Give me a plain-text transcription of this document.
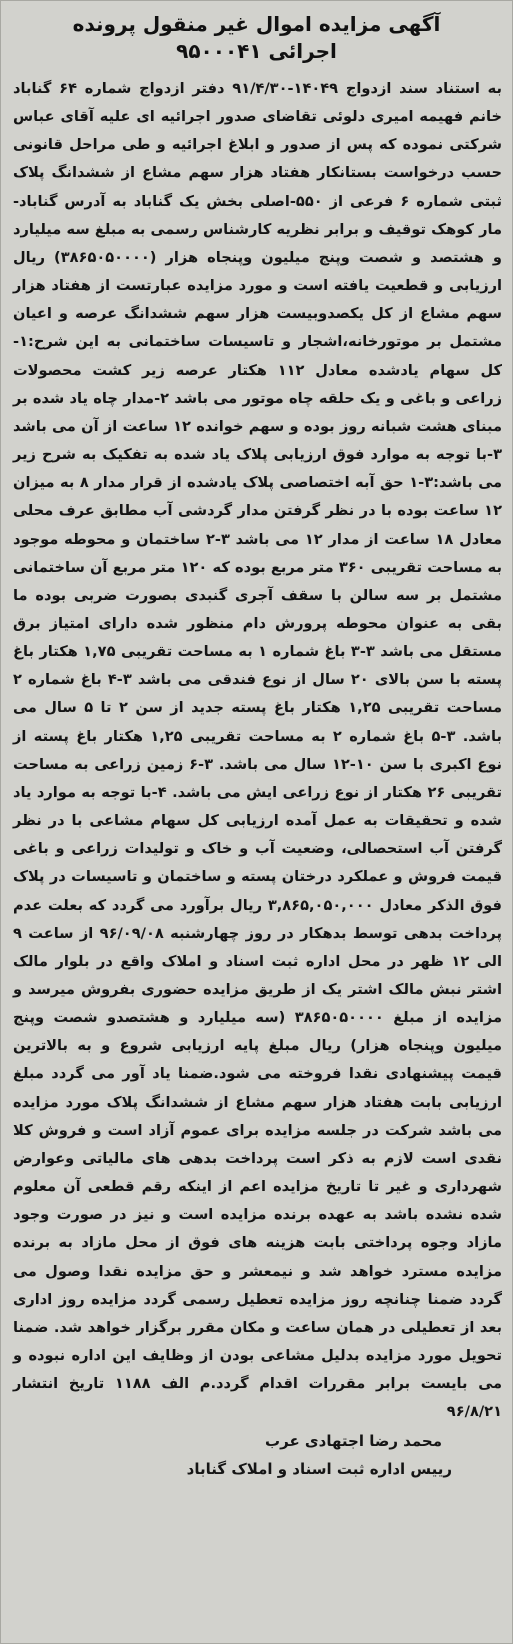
آگهی مزایده اموال غیر منقول پرونده
اجرائی ۹۵۰۰۰۴۱

به استناد سند ازدواج ۱۴۰۴۹-۹۱/۴/۳۰ دفتر ازدواج شماره ۶۴ گناباد خانم فهیمه امیری دلوئی تقاضای صدور اجرائیه ای علیه آقای عباس شرکتی نموده که پس از صدور و ابلاغ اجرائیه و طی مراحل قانونی حسب درخواست بستانکار هفتاد هزار سهم مشاع از ششدانگ پلاک ثبتی شماره ۶ فرعی از ۵۵۰-اصلی بخش یک گناباد به آدرس گناباد-مار کوهک توقیف و برابر نظریه کارشناس رسمی به مبلغ سه میلیارد و هشتصد و شصت وپنج میلیون وپنجاه هزار (۳۸۶۵۰۵۰۰۰۰) ریال ارزیابی و قطعیت یافته است و مورد مزایده عبارتست از هفتاد هزار سهم مشاع از کل یکصدوبیست هزار سهم ششدانگ عرصه و اعیان مشتمل بر موتورخانه،اشجار و تاسیسات ساختمانی به این شرح:۱-کل سهام یادشده معادل ۱۱۲ هکتار عرصه زیر کشت محصولات زراعی و باغی و یک حلقه چاه موتور می باشد ۲-مدار چاه یاد شده بر مبنای هشت شبانه روز بوده و سهم خوانده ۱۲ ساعت از آن می باشد ۳-با توجه به موارد فوق ارزیابی پلاک یاد شده به تفکیک به شرح زیر می باشد:۳-۱ حق آبه اختصاصی پلاک یادشده از قرار مدار ۸ به میزان ۱۲ ساعت بوده با در نظر گرفتن مدار گردشی آب مطابق عرف محلی معادل ۱۸ ساعت از مدار ۱۲ می باشد ۳-۲ ساختمان و محوطه موجود به مساحت تقریبی ۳۶۰ متر مربع بوده که ۱۲۰ متر مربع آن ساختمانی مشتمل بر سه سالن با سقف آجری گنبدی بصورت ضربی بوده ما بقی به عنوان محوطه پرورش دام منظور شده دارای امتیاز برق مستقل می باشد ۳-۳ باغ شماره ۱ به مساحت تقریبی ۱,۷۵ هکتار باغ پسته با سن بالای ۲۰ سال از نوع فندقی می باشد ۳-۴ باغ شماره ۲ مساحت تقریبی ۱,۲۵ هکتار باغ پسته جدید از سن ۲ تا ۵ سال می باشد. ۳-۵ باغ شماره ۲ به مساحت تقریبی ۱,۲۵ هکتار باغ پسته از نوع اکبری با سن ۱۰-۱۲ سال می باشد. ۳-۶ زمین زراعی به مساحت تقریبی ۲۶ هکتار از نوع زراعی ایش می باشد. ۴-با توجه به موارد یاد شده و تحقیقات به عمل آمده ارزیابی کل سهام مشاعی با در نظر گرفتن آب استحصالی، وضعیت آب و خاک و تولیدات زراعی و باغی قیمت فروش و عملکرد درختان پسته و ساختمان و تاسیسات در پلاک فوق الذکر معادل ۳,۸۶۵,۰۵۰,۰۰۰ ریال برآورد می گردد که بعلت عدم پرداخت بدهی توسط بدهکار در روز چهارشنبه ۹۶/۰۹/۰۸ از ساعت ۹ الی ۱۲ ظهر در محل اداره ثبت اسناد و املاک واقع در بلوار مالک اشتر نبش مالک اشتر یک از طریق مزایده حضوری بفروش میرسد و مزایده از مبلغ ۳۸۶۵۰۵۰۰۰۰ (سه میلیارد و هشتصدو شصت وپنج میلیون وپنجاه هزار) ریال مبلغ پایه ارزیابی شروع و به بالاترین قیمت پیشنهادی نقدا فروخته می شود.ضمنا یاد آور می گردد مبلغ ارزیابی بابت هفتاد هزار سهم مشاع از ششدانگ پلاک مورد مزایده می باشد شرکت در جلسه مزایده برای عموم آزاد است و فروش کلا نقدی است لازم به ذکر است پرداخت بدهی های مالیاتی وعوارض شهرداری و غیر تا تاریخ مزایده اعم از اینکه رقم قطعی آن معلوم شده نشده باشد به عهده برنده مزایده است و نیز در صورت وجود مازاد وجوه پرداختی بابت هزینه های فوق از محل مازاد به برنده مزایده مسترد خواهد شد و نیمعشر و حق مزایده نقدا وصول می گردد ضمنا چنانچه روز مزایده تعطیل رسمی گردد مزایده روز اداری بعد از تعطیلی در همان ساعت و مکان مقرر برگزار خواهد شد. ضمنا تحویل مورد مزایده بدلیل مشاعی بودن از وظایف این اداره نبوده و می بایست برابر مقررات اقدام گردد.م الف ۱۱۸۸ تاریخ انتشار ۹۶/۸/۲۱

محمد رضا اجتهادی عرب
رییس اداره ثبت اسناد و املاک گناباد
